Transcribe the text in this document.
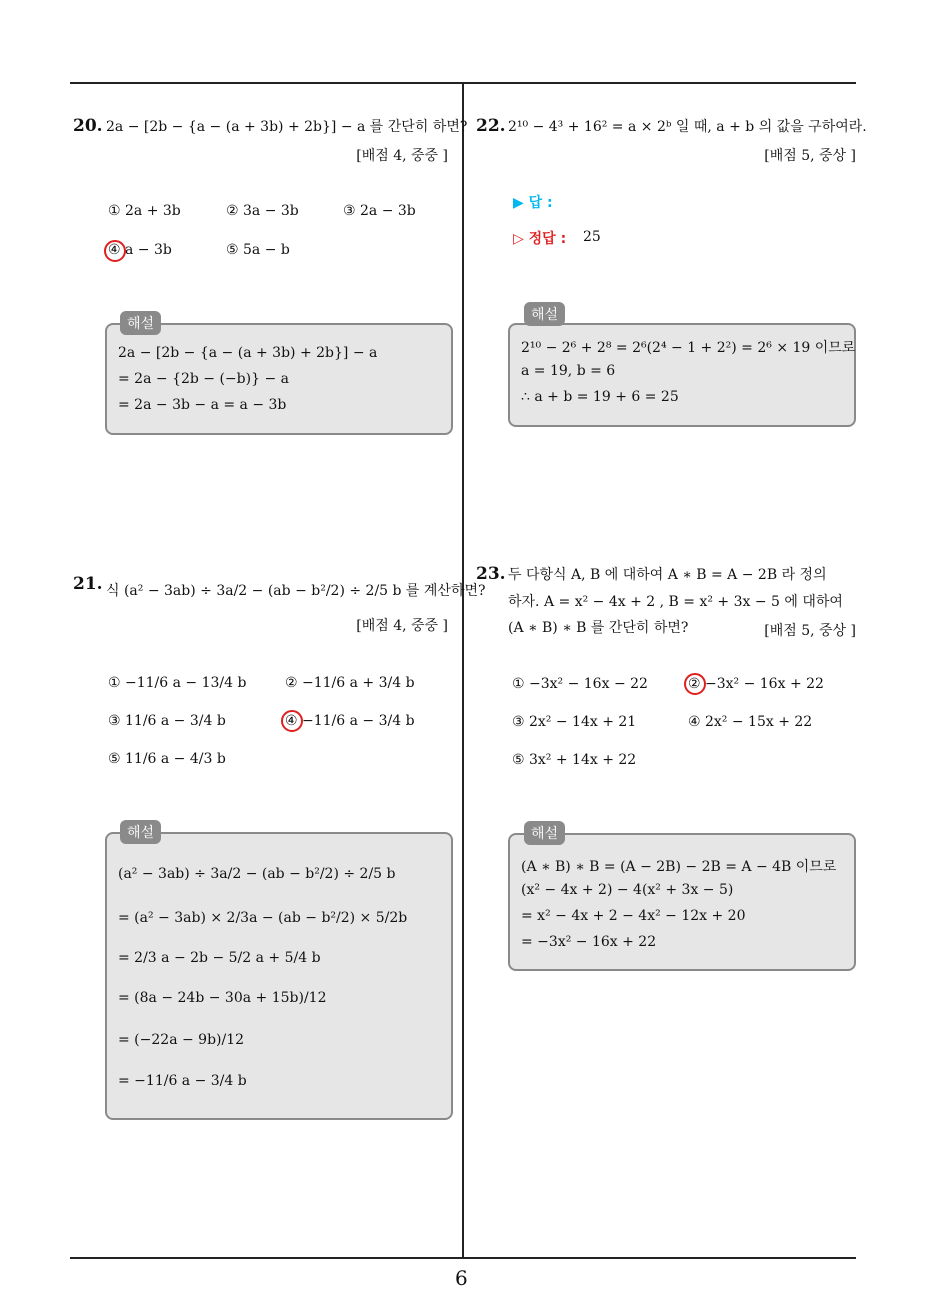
6
20. 2a − [2b − {a − (a + 3b) + 2b}] − a 를 간단히 하면?
[배점 4, 중중 ]
① 2a + 3b	② 3a − 3b	③ 2a − 3b
④ a − 3b	⑤ 5a − b
해설
2a − [2b − {a − (a + 3b) + 2b}] − a
= 2a − {2b − (−b)} − a
= 2a − 3b − a = a − 3b
21. 식 (a² − 3ab) ÷ 3a/2 − (ab − b²/2) ÷ 2/5 b 를 계산하면?
[배점 4, 중중 ]
① −11/6 a − 13/4 b	② −11/6 a + 3/4 b
③ 11/6 a − 3/4 b	④ −11/6 a − 3/4 b
⑤ 11/6 a − 4/3 b
해설
(a² − 3ab) ÷ 3a/2 − (ab − b²/2) ÷ 2/5 b
= (a² − 3ab) × 2/3a − (ab − b²/2) × 5/2b
= 2/3 a − 2b − 5/2 a + 5/4 b
= (8a − 24b − 30a + 15b)/12
= (−22a − 9b)/12
= −11/6 a − 3/4 b
22. 2¹⁰ − 4³ + 16² = a × 2ᵇ 일 때, a + b 의 값을 구하여라.
[배점 5, 중상 ]
▶ 답 :
▷ 정답 : 25
해설
2¹⁰ − 2⁶ + 2⁸ = 2⁶(2⁴ − 1 + 2²) = 2⁶ × 19 이므로
a = 19, b = 6
∴ a + b = 19 + 6 = 25
23. 두 다항식 A, B 에 대하여 A ∗ B = A − 2B 라 정의
하자. A = x² − 4x + 2 , B = x² + 3x − 5 에 대하여
(A ∗ B) ∗ B 를 간단히 하면?	[배점 5, 중상 ]
① −3x² − 16x − 22	② −3x² − 16x + 22
③ 2x² − 14x + 21	④ 2x² − 15x + 22
⑤ 3x² + 14x + 22
해설
(A ∗ B) ∗ B = (A − 2B) − 2B = A − 4B 이므로
(x² − 4x + 2) − 4(x² + 3x − 5)
= x² − 4x + 2 − 4x² − 12x + 20
= −3x² − 16x + 22
